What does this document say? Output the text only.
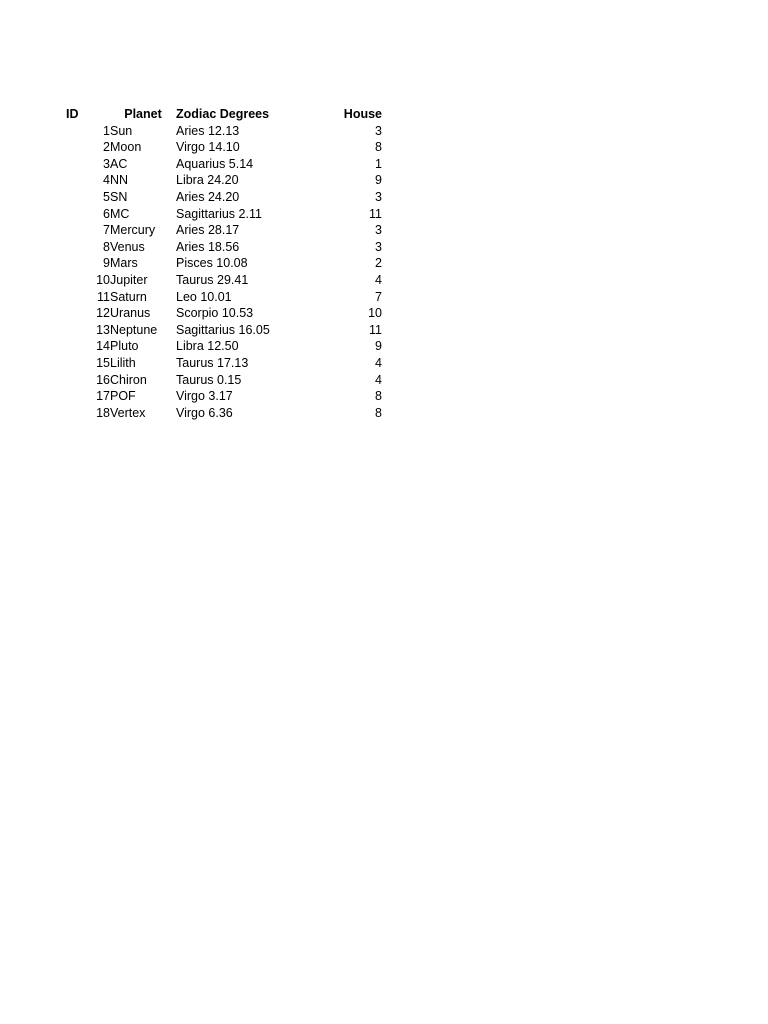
ID	Planet	Zodiac Degrees	House
1	Sun	Aries 12.13	3
2	Moon	Virgo 14.10	8
3	AC	Aquarius 5.14	1
4	NN	Libra 24.20	9
5	SN	Aries 24.20	3
6	MC	Sagittarius 2.11	11
7	Mercury	Aries 28.17	3
8	Venus	Aries 18.56	3
9	Mars	Pisces 10.08	2
10	Jupiter	Taurus 29.41	4
11	Saturn	Leo 10.01	7
12	Uranus	Scorpio 10.53	10
13	Neptune	Sagittarius 16.05	11
14	Pluto	Libra 12.50	9
15	Lilith	Taurus 17.13	4
16	Chiron	Taurus 0.15	4
17	POF	Virgo 3.17	8
18	Vertex	Virgo 6.36	8
